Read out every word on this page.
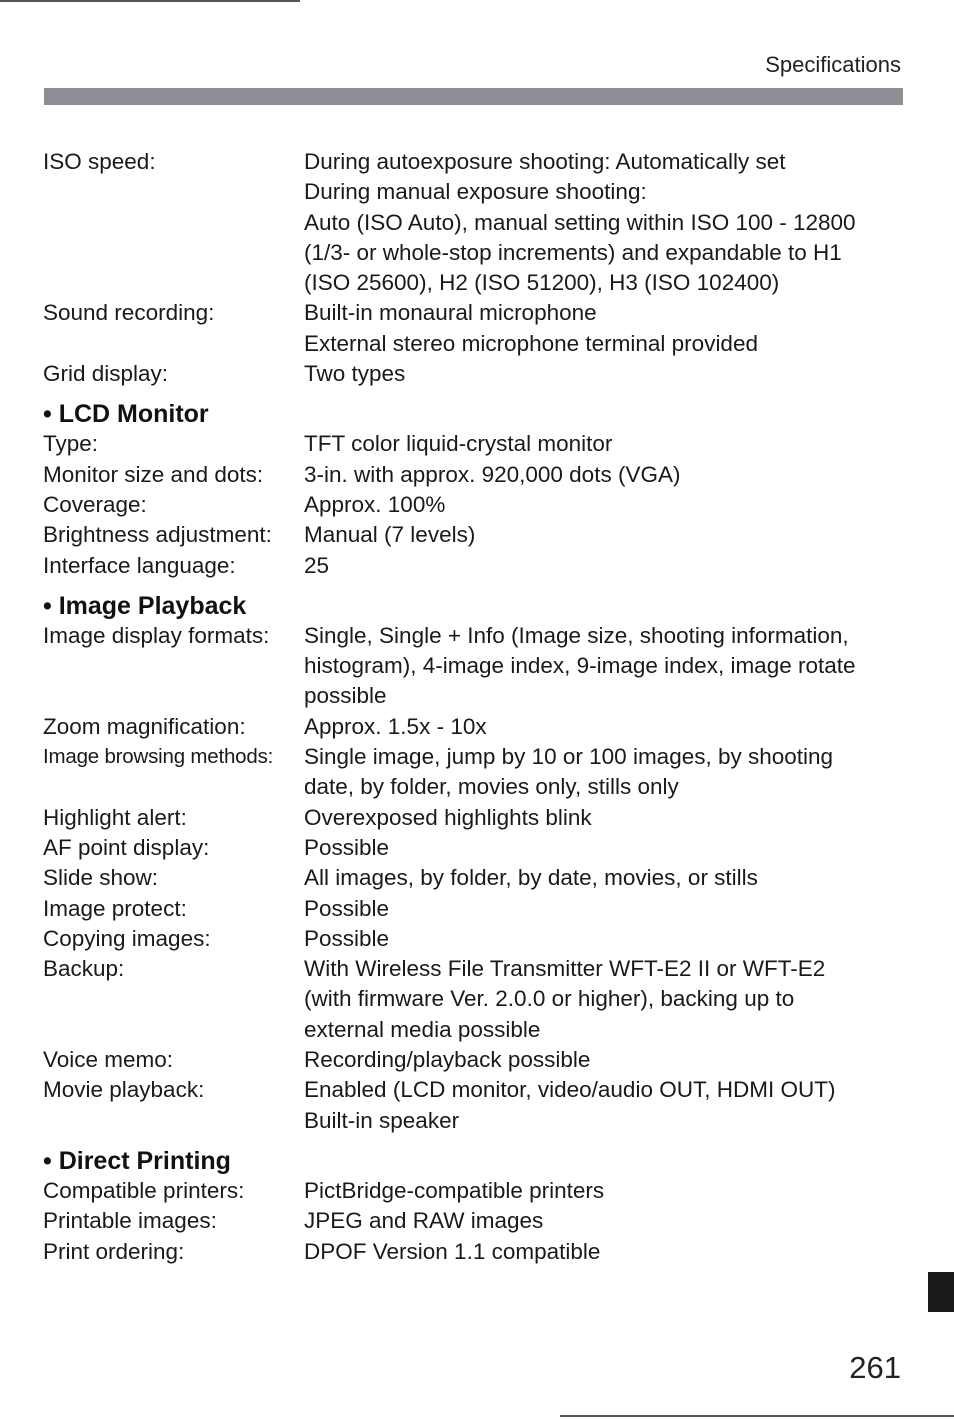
Specifications
ISO speed:	During autoexposure shooting: Automatically set
During manual exposure shooting:
Auto (ISO Auto), manual setting within ISO 100 - 12800
(1/3- or whole-stop increments) and expandable to H1
(ISO 25600), H2 (ISO 51200), H3 (ISO 102400)
Sound recording:	Built-in monaural microphone
External stereo microphone terminal provided
Grid display:	Two types
• LCD Monitor
Type:	TFT color liquid-crystal monitor
Monitor size and dots:	3-in. with approx. 920,000 dots (VGA)
Coverage:	Approx. 100%
Brightness adjustment:	Manual (7 levels)
Interface language:	25
• Image Playback
Image display formats:	Single, Single + Info (Image size, shooting information,
histogram), 4-image index, 9-image index, image rotate
possible
Zoom magnification:	Approx. 1.5x - 10x
Image browsing methods:	Single image, jump by 10 or 100 images, by shooting
date, by folder, movies only, stills only
Highlight alert:	Overexposed highlights blink
AF point display:	Possible
Slide show:	All images, by folder, by date, movies, or stills
Image protect:	Possible
Copying images:	Possible
Backup:	With Wireless File Transmitter WFT-E2 II or WFT-E2
(with firmware Ver. 2.0.0 or higher), backing up to
external media possible
Voice memo:	Recording/playback possible
Movie playback:	Enabled (LCD monitor, video/audio OUT, HDMI OUT)
Built-in speaker
• Direct Printing
Compatible printers:	PictBridge-compatible printers
Printable images:	JPEG and RAW images
Print ordering:	DPOF Version 1.1 compatible
261
